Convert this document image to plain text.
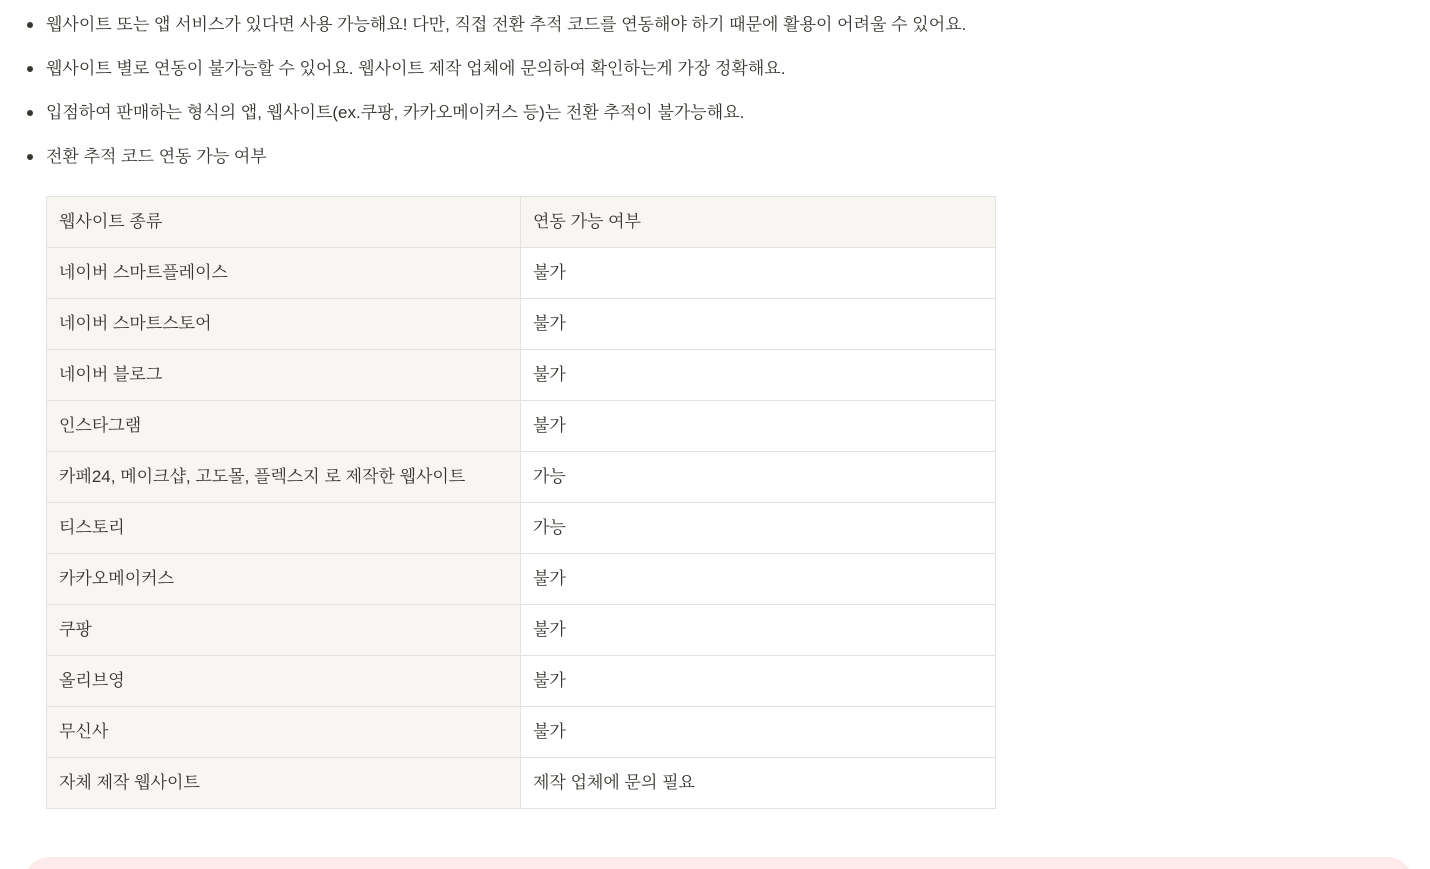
웹사이트 또는 앱 서비스가 있다면 사용 가능해요! 다만, 직접 전환 추적 코드를 연동해야 하기 때문에 활용이 어려울 수 있어요.
웹사이트 별로 연동이 불가능할 수 있어요. 웹사이트 제작 업체에 문의하여 확인하는게 가장 정확해요.
입점하여 판매하는 형식의 앱, 웹사이트(ex.쿠팡, 카카오메이커스 등)는 전환 추적이 불가능해요.
전환 추적 코드 연동 가능 여부
웹사이트 종류	연동 가능 여부
네이버 스마트플레이스	불가
네이버 스마트스토어	불가
네이버 블로그	불가
인스타그램	불가
카페24, 메이크샵, 고도몰, 플렉스지 로 제작한 웹사이트	가능
티스토리	가능
카카오메이커스	불가
쿠팡	불가
올리브영	불가
무신사	불가
자체 제작 웹사이트	제작 업체에 문의 필요
